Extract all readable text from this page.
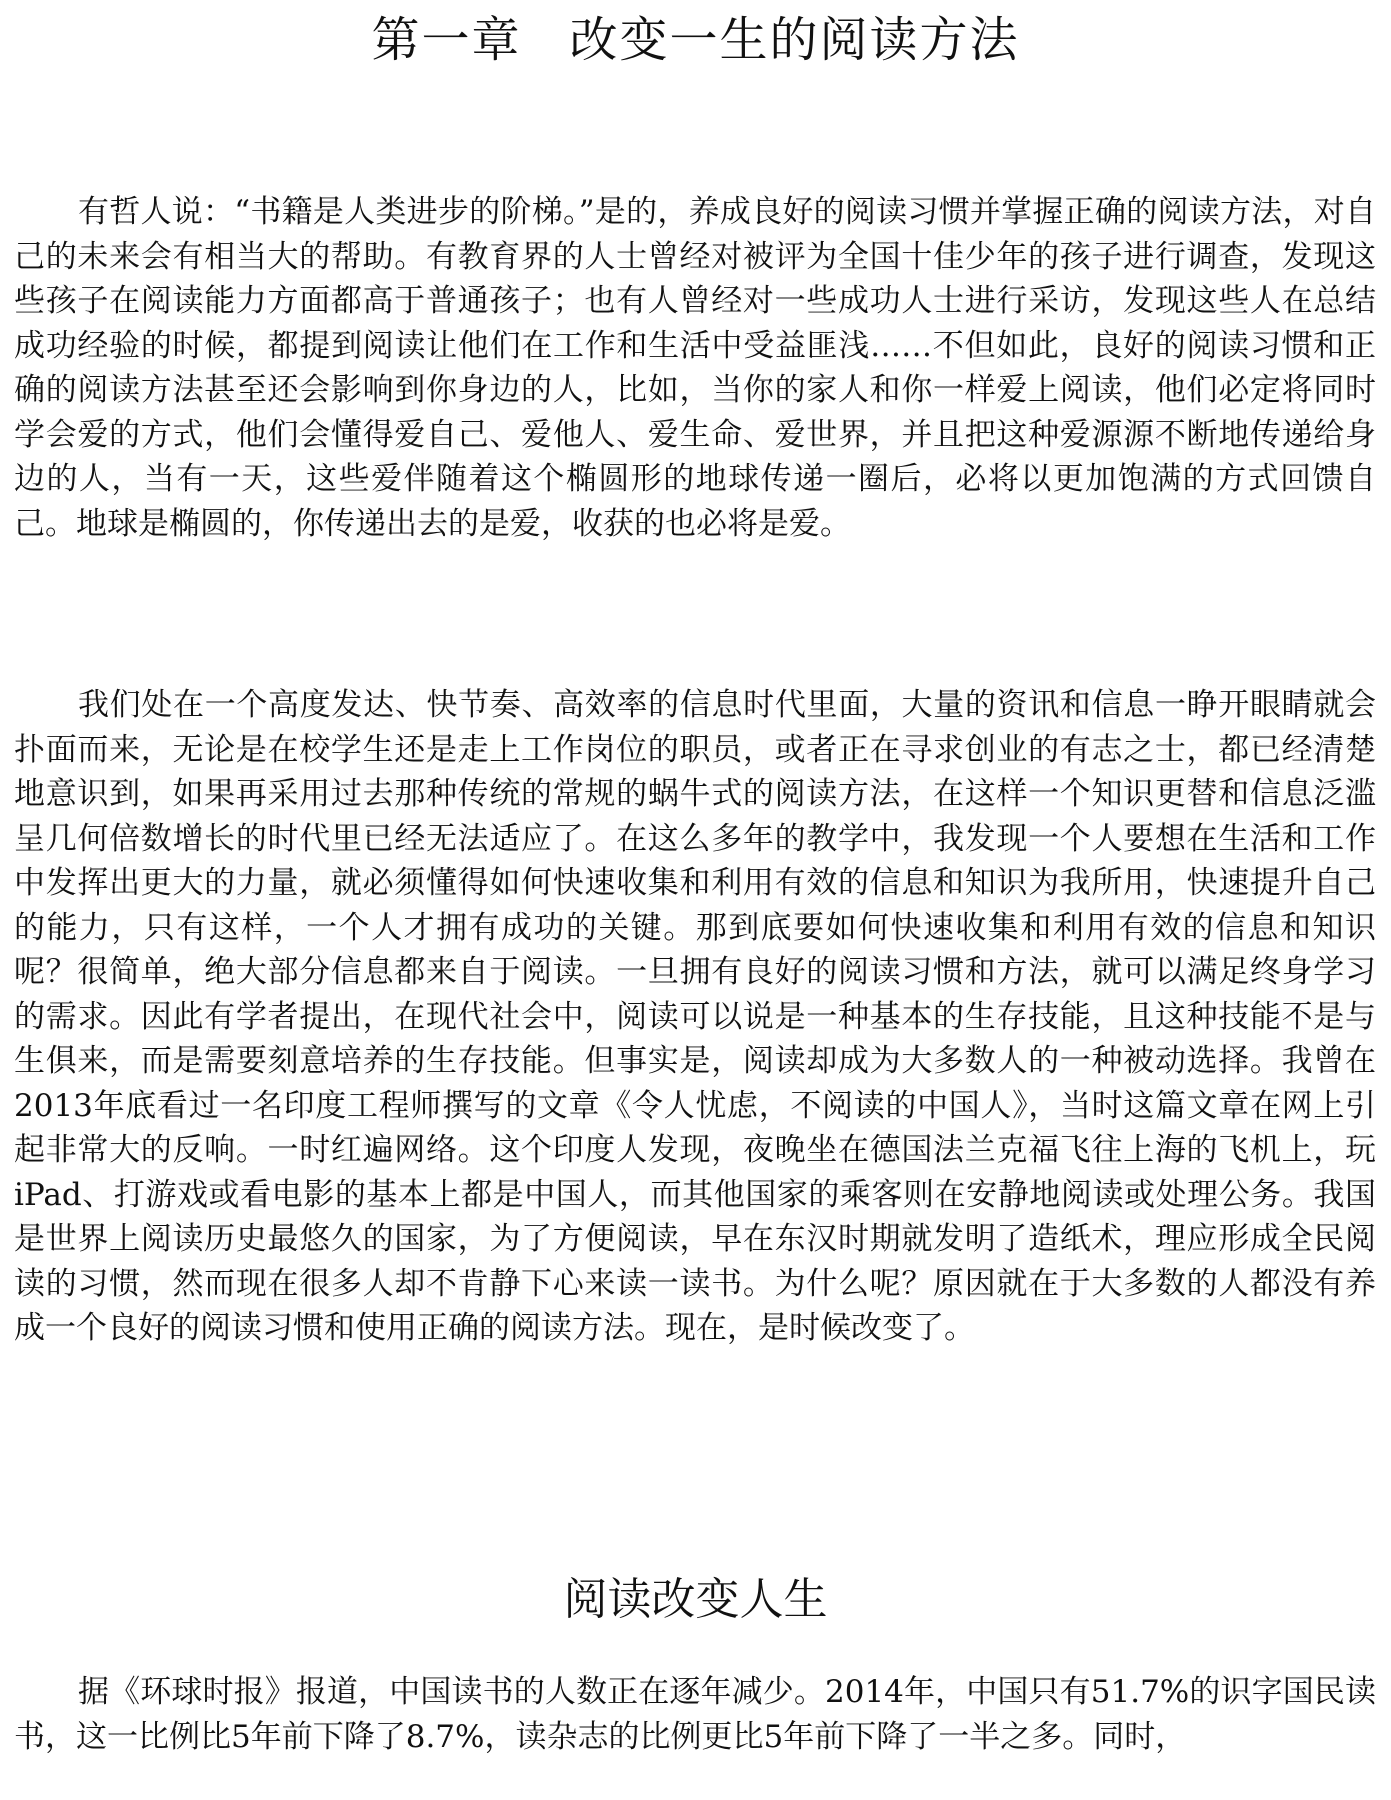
第一章 改变一生的阅读方法

有哲人说：“书籍是人类进步的阶梯。”是的，养成良好的阅读习惯并掌握正确的阅读方法，对自己的未来会有相当大的帮助。有教育界的人士曾经对被评为全国十佳少年的孩子进行调查，发现这些孩子在阅读能力方面都高于普通孩子；也有人曾经对一些成功人士进行采访，发现这些人在总结成功经验的时候，都提到阅读让他们在工作和生活中受益匪浅……不但如此，良好的阅读习惯和正确的阅读方法甚至还会影响到你身边的人，比如，当你的家人和你一样爱上阅读，他们必定将同时学会爱的方式，他们会懂得爱自己、爱他人、爱生命、爱世界，并且把这种爱源源不断地传递给身边的人，当有一天，这些爱伴随着这个椭圆形的地球传递一圈后，必将以更加饱满的方式回馈自己。地球是椭圆的，你传递出去的是爱，收获的也必将是爱。

我们处在一个高度发达、快节奏、高效率的信息时代里面，大量的资讯和信息一睁开眼睛就会扑面而来，无论是在校学生还是走上工作岗位的职员，或者正在寻求创业的有志之士，都已经清楚地意识到，如果再采用过去那种传统的常规的蜗牛式的阅读方法，在这样一个知识更替和信息泛滥呈几何倍数增长的时代里已经无法适应了。在这么多年的教学中，我发现一个人要想在生活和工作中发挥出更大的力量，就必须懂得如何快速收集和利用有效的信息和知识为我所用，快速提升自己的能力，只有这样，一个人才拥有成功的关键。那到底要如何快速收集和利用有效的信息和知识呢？很简单，绝大部分信息都来自于阅读。一旦拥有良好的阅读习惯和方法，就可以满足终身学习的需求。因此有学者提出，在现代社会中，阅读可以说是一种基本的生存技能，且这种技能不是与生俱来，而是需要刻意培养的生存技能。但事实是，阅读却成为大多数人的一种被动选择。我曾在2013年底看过一名印度工程师撰写的文章《令人忧虑，不阅读的中国人》，当时这篇文章在网上引起非常大的反响。一时红遍网络。这个印度人发现，夜晚坐在德国法兰克福飞往上海的飞机上，玩iPad、打游戏或看电影的基本上都是中国人，而其他国家的乘客则在安静地阅读或处理公务。我国是世界上阅读历史最悠久的国家，为了方便阅读，早在东汉时期就发明了造纸术，理应形成全民阅读的习惯，然而现在很多人却不肯静下心来读一读书。为什么呢？原因就在于大多数的人都没有养成一个良好的阅读习惯和使用正确的阅读方法。现在，是时候改变了。

阅读改变人生

据《环球时报》报道，中国读书的人数正在逐年减少。2014年，中国只有51.7%的识字国民读书，这一比例比5年前下降了8.7%，读杂志的比例更比5年前下降了一半之多。同时，
